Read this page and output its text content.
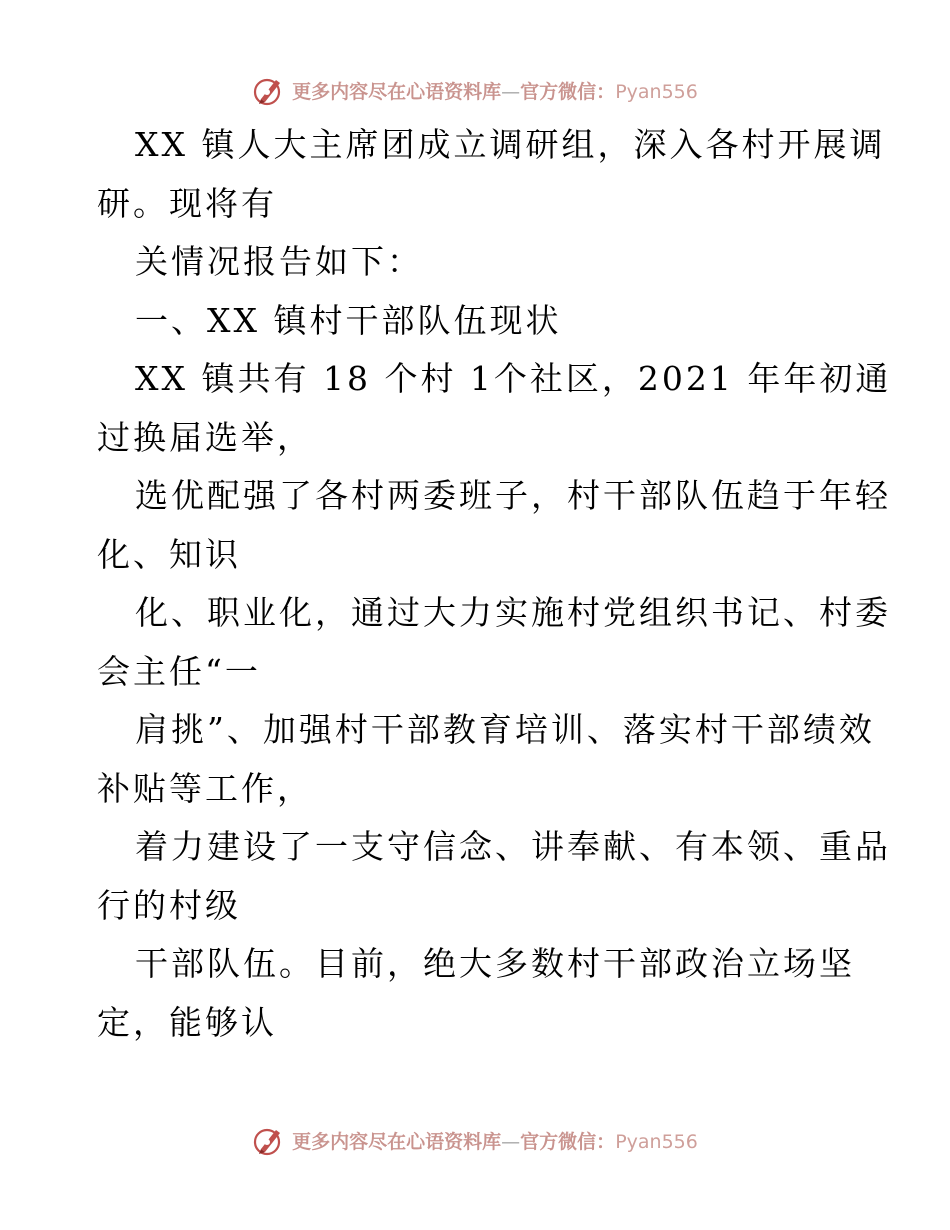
更多内容尽在心语资料库—官方微信：Pyan556
XX 镇人大主席团成立调研组，深入各村开展调
研。现将有
关情况报告如下：
一、XX 镇村干部队伍现状
XX 镇共有 18 个村 1个社区，2021 年年初通
过换届选举，
选优配强了各村两委班子，村干部队伍趋于年轻
化、知识
化、职业化，通过大力实施村党组织书记、村委
会主任“一
肩挑”、加强村干部教育培训、落实村干部绩效
补贴等工作，
着力建设了一支守信念、讲奉献、有本领、重品
行的村级
干部队伍。目前，绝大多数村干部政治立场坚
定，能够认
更多内容尽在心语资料库—官方微信：Pyan556
